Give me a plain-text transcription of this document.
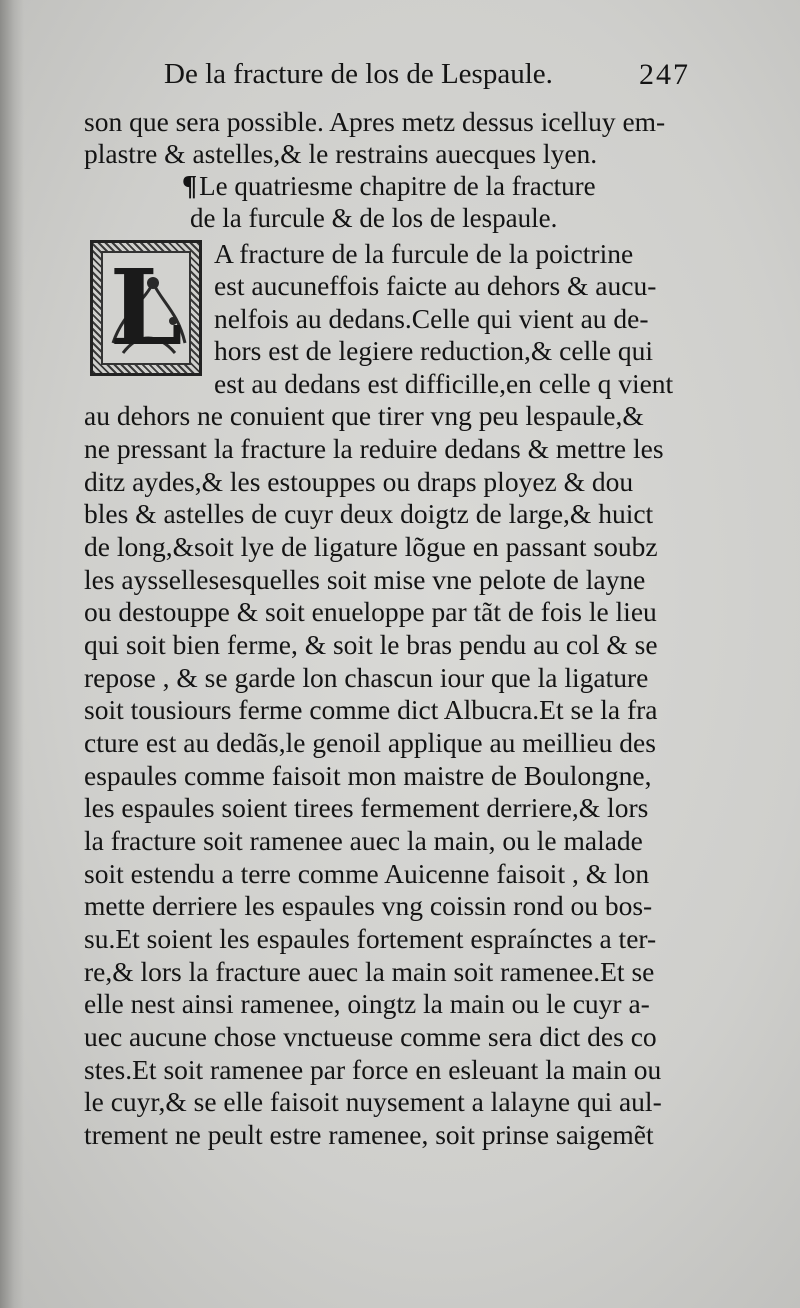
De la fracture de los de Lespaule.	247
son que sera possible. Apres metz dessus icelluy em-
plastre & astelles,& le restrains auecques lyen.
¶Le quatriesme chapitre de la fracture
de la furcule & de los de lespaule.
L	A fracture de la furcule de la poictrine
est aucuneffois faicte au dehors & aucu-
nelfois au dedans.Celle qui vient au de-
hors est de legiere reduction,& celle qui
est au dedans est difficille,en celle q vient
au dehors ne conuient que tirer vng peu lespaule,&
ne pressant la fracture la reduire dedans & mettre les
ditz aydes,& les estouppes ou draps ployez & dou
bles & astelles de cuyr deux doigtz de large,& huict
de long,&soit lye de ligature lõgue en passant soubz
les ayssellesesquelles soit mise vne pelote de layne
ou destouppe & soit enueloppe par tãt de fois le lieu
qui soit bien ferme, & soit le bras pendu au col & se
repose , & se garde lon chascun iour que la ligature
soit tousiours ferme comme dict Albucra.Et se la fra
cture est au dedãs,le genoil applique au meillieu des
espaules comme faisoit mon maistre de Boulongne,
les espaules soient tirees fermement derriere,& lors
la fracture soit ramenee auec la main, ou le malade
soit estendu a terre comme Auicenne faisoit , & lon
mette derriere les espaules vng coissin rond ou bos-
su.Et soient les espaules fortement espraínctes a ter-
re,& lors la fracture auec la main soit ramenee.Et se
elle nest ainsi ramenee, oingtz la main ou le cuyr a-
uec aucune chose vnctueuse comme sera dict des co
stes.Et soit ramenee par force en esleuant la main ou
le cuyr,& se elle faisoit nuysement a lalayne qui aul-
trement ne peult estre ramenee, soit prinse saigemẽt
